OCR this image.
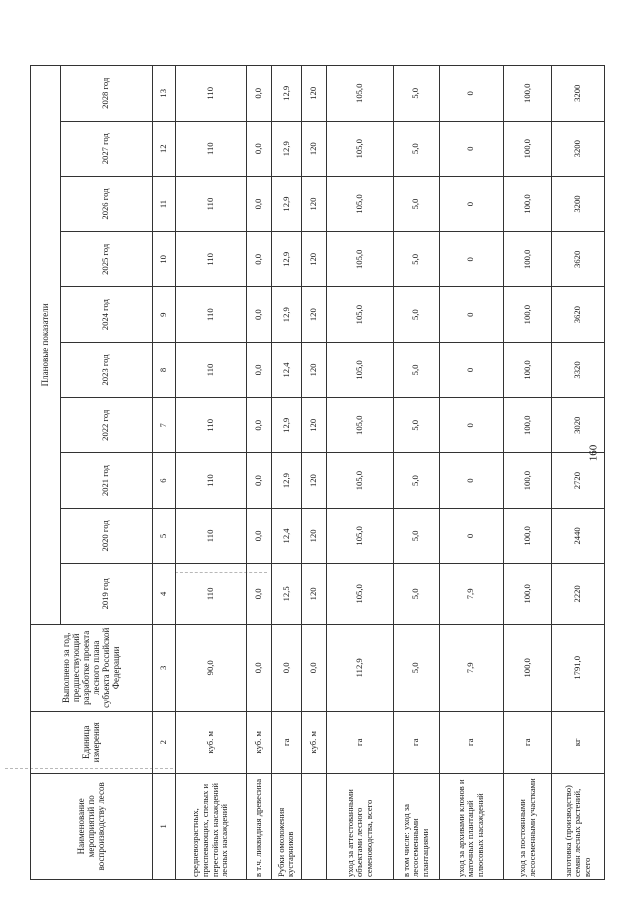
Наименование мероприятий по воспроизводству лесов	Единица измерения	Выполнено за год, предшествующий разработке проекта лесного плана субъекта Российской Федерации	Плановые показатели									
			2019 год	2020 год	2021 год	2022 год	2023 год	2024 год	2025 год	2026 год	2027 год	2028 год
1	2	3	4	5	6	7	8	9	10	11	12	13
средневозрастных, приспевающих, спелых и перестойных насаждений лесных насаждений	куб. м	90,0	110	110	110	110	110	110	110	110	110	110
в т.ч. ликвидная древесина	куб. м	0,0	0,0	0,0	0,0	0,0	0,0	0,0	0,0	0,0	0,0	0,0
Рубки омоложения кустарников	га	0,0	12,5	12,4	12,9	12,9	12,4	12,9	12,9	12,9	12,9	12,9
	куб. м	0,0	120	120	120	120	120	120	120	120	120	120
уход за аттестованными объектами лесного семеноводства, всего	га	112,9	105,0	105,0	105,0	105,0	105,0	105,0	105,0	105,0	105,0	105,0
в том числе: уход за лесосеменными плантациями	га	5,0	5,0	5,0	5,0	5,0	5,0	5,0	5,0	5,0	5,0	5,0
уход за архивами клонов и маточных плантаций плюсовых насаждений	га	7,9	7,9	0	0	0	0	0	0	0	0	0
уход за постоянными лесосеменными участками	га	100,0	100,0	100,0	100,0	100,0	100,0	100,0	100,0	100,0	100,0	100,0
заготовка (производство) семян лесных растений, всего	кг	1791,0	2220	2440	2720	3020	3320	3620	3620	3200	3200	3200
160
